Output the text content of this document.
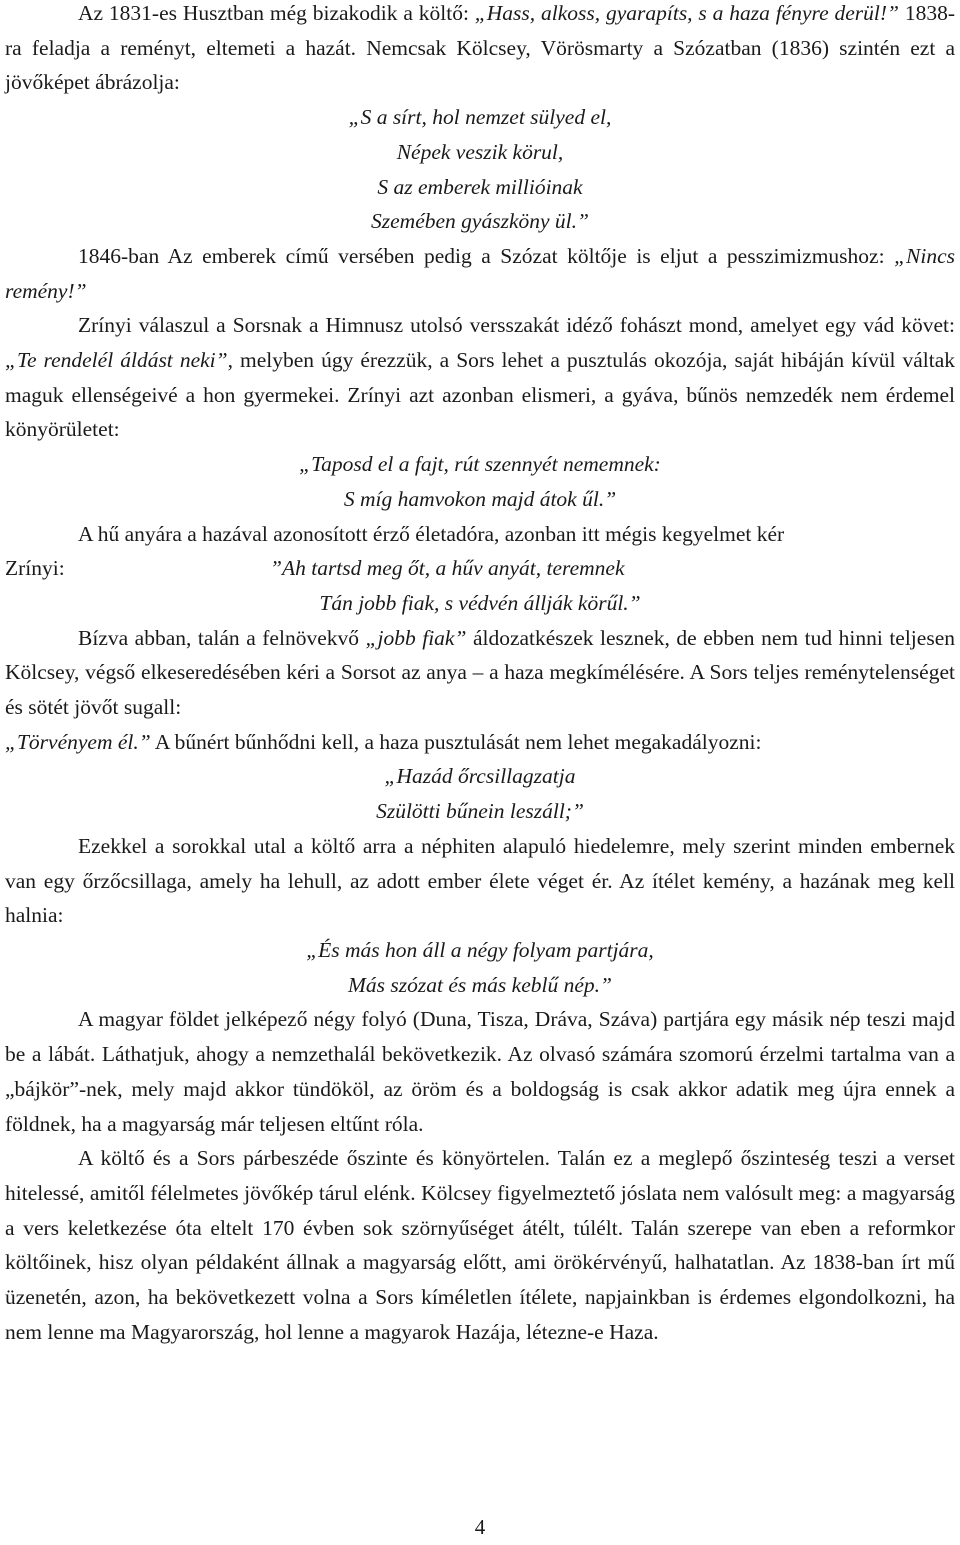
Az 1831-es Husztban még bizakodik a költő: „Hass, alkoss, gyarapíts, s a haza fényre derül!” 1838-ra feladja a reményt, eltemeti a hazát. Nemcsak Kölcsey, Vörösmarty a Szózatban (1836) szintén ezt a jövőképet ábrázolja:

„S a sírt, hol nemzet sülyed el,
Népek veszik körul,
S az emberek millióinak
Szemében gyászköny ül.”

1846-ban Az emberek című versében pedig a Szózat költője is eljut a pesszimizmushoz: „Nincs remény!”

Zrínyi válaszul a Sorsnak a Himnusz utolsó versszakát idéző fohászt mond, amelyet egy vád követ: „Te rendelél áldást neki”, melyben úgy érezzük, a Sors lehet a pusztulás okozója, saját hibáján kívül váltak maguk ellenségeivé a hon gyermekei. Zrínyi azt azonban elismeri, a gyáva, bűnös nemzedék nem érdemel könyörületet:

„Taposd el a fajt, rút szennyét nememnek:
S míg hamvokon majd átok űl.”

A hű anyára a hazával azonosított érző életadóra, azonban itt mégis kegyelmet kér

Zrínyi:	”Ah tartsd meg őt, a hűv anyát, teremnek
Tán jobb fiak, s védvén állják körűl.”

Bízva abban, talán a felnövekvő „jobb fiak” áldozatkészek lesznek, de ebben nem tud hinni teljesen Kölcsey, végső elkeseredésében kéri a Sorsot az anya – a haza megkímélésére. A Sors teljes reménytelenséget és sötét jövőt sugall:

„Törvényem él.” A bűnért bűnhődni kell, a haza pusztulását nem lehet megakadályozni:

„Hazád őrcsillagzatja
Szülötti bűnein leszáll;”

Ezekkel a sorokkal utal a költő arra a néphiten alapuló hiedelemre, mely szerint minden embernek van egy őrzőcsillaga, amely ha lehull, az adott ember élete véget ér. Az ítélet kemény, a hazának meg kell halnia:

„És más hon áll a négy folyam partjára,
Más szózat és más keblű nép.”

A magyar földet jelképező négy folyó (Duna, Tisza, Dráva, Száva) partjára egy másik nép teszi majd be a lábát. Láthatjuk, ahogy a nemzethalál bekövetkezik. Az olvasó számára szomorú érzelmi tartalma van a „bájkör”-nek, mely majd akkor tündököl, az öröm és a boldogság is csak akkor adatik meg újra ennek a földnek, ha a magyarság már teljesen eltűnt róla.

A költő és a Sors párbeszéde őszinte és könyörtelen. Talán ez a meglepő őszinteség teszi a verset hitelessé, amitől félelmetes jövőkép tárul elénk. Kölcsey figyelmeztető jóslata nem valósult meg: a magyarság a vers keletkezése óta eltelt 170 évben sok szörnyűséget átélt, túlélt. Talán szerepe van eben a reformkor költőinek, hisz olyan példaként állnak a magyarság előtt, ami örökérvényű, halhatatlan. Az 1838-ban írt mű üzenetén, azon, ha bekövetkezett volna a Sors kíméletlen ítélete, napjainkban is érdemes elgondolkozni, ha nem lenne ma Magyarország, hol lenne a magyarok Hazája, létezne-e Haza.

4
